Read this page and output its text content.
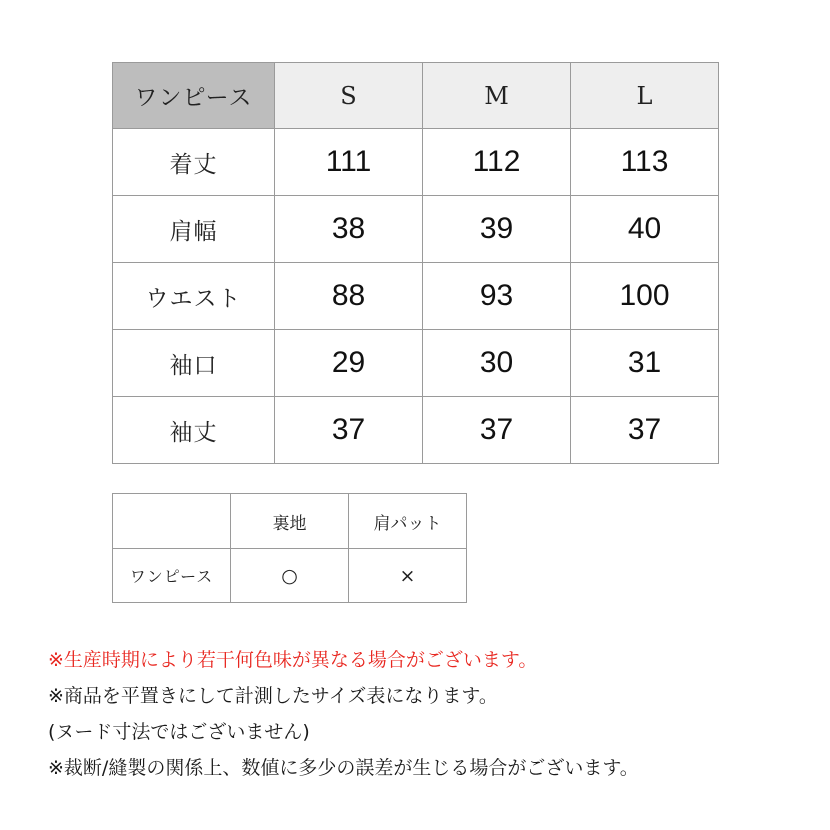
ワンピース	S	M	L
着丈	111	112	113
肩幅	38	39	40
ウエスト	88	93	100
袖口	29	30	31
袖丈	37	37	37
	裏地	肩パット
ワンピース	○	×
※生産時期により若干何色味が異なる場合がございます。
※商品を平置きにして計測したサイズ表になります。
(ヌード寸法ではございません)
※裁断/縫製の関係上、数値に多少の誤差が生じる場合がございます。
